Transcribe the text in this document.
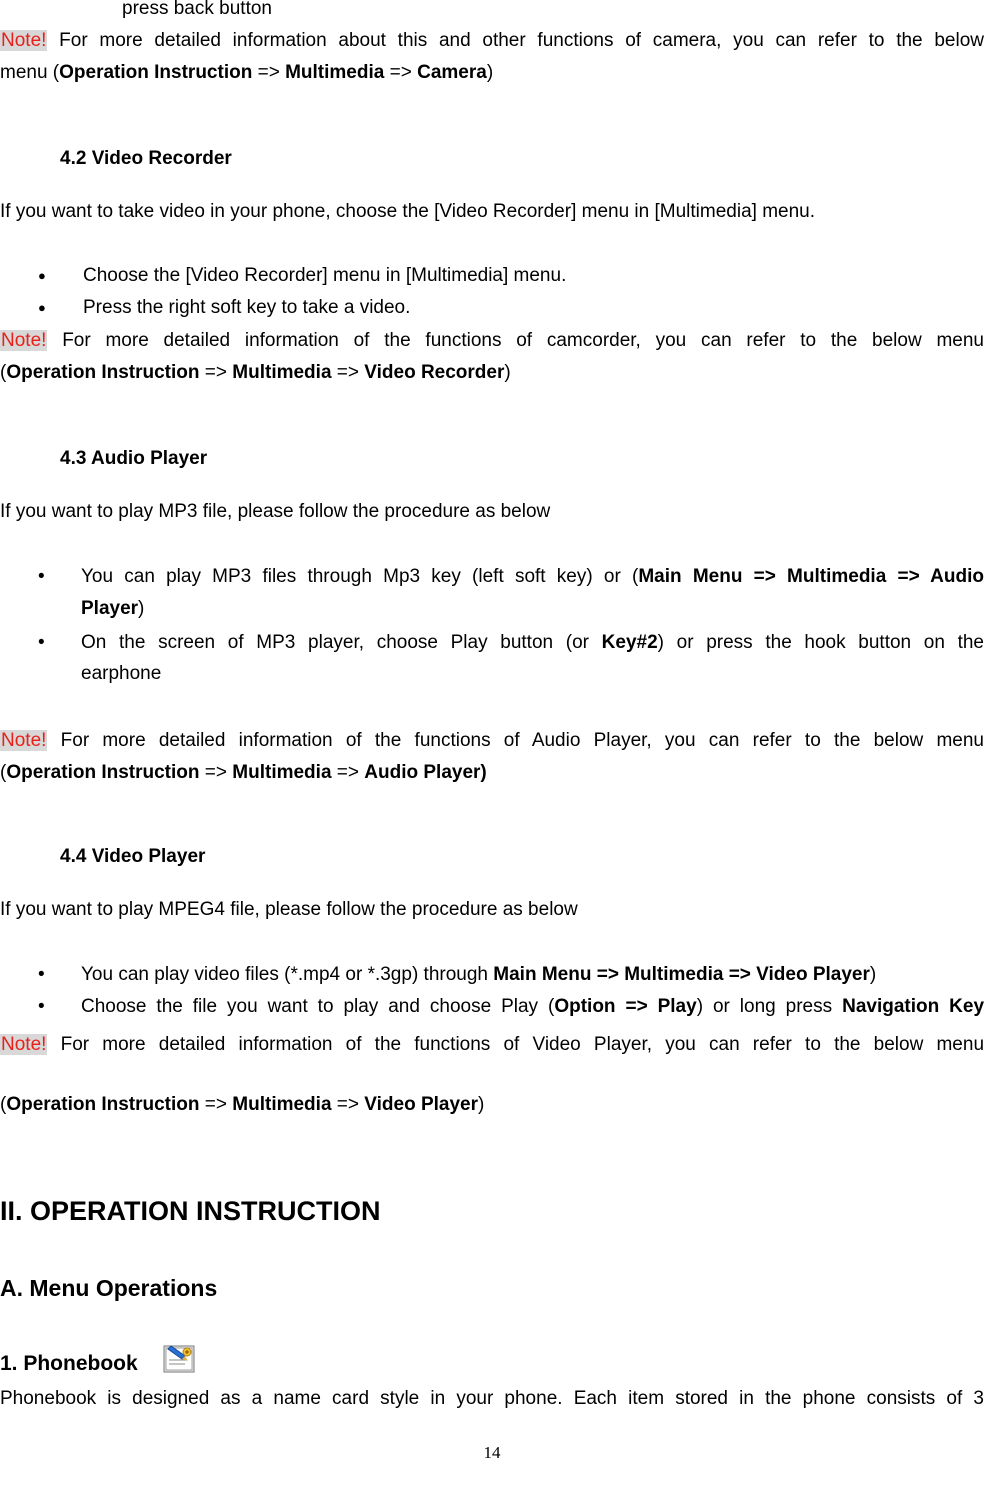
press back button
Note! For more detailed information about this and other functions of camera, you can refer to the below
menu (Operation Instruction => Multimedia => Camera)
4.2 Video Recorder
If you want to take video in your phone, choose the [Video Recorder] menu in [Multimedia] menu.
● Choose the [Video Recorder] menu in [Multimedia] menu.
● Press the right soft key to take a video.
Note! For more detailed information of the functions of camcorder, you can refer to the below menu
(Operation Instruction => Multimedia => Video Recorder)
4.3 Audio Player
If you want to play MP3 file, please follow the procedure as below
• You can play MP3 files through Mp3 key (left soft key) or (Main Menu => Multimedia => Audio
Player)
• On the screen of MP3 player, choose Play button (or Key#2) or press the hook button on the
earphone
Note! For more detailed information of the functions of Audio Player, you can refer to the below menu
(Operation Instruction => Multimedia => Audio Player)
4.4 Video Player
If you want to play MPEG4 file, please follow the procedure as below
• You can play video files (*.mp4 or *.3gp) through Main Menu => Multimedia => Video Player)
• Choose the file you want to play and choose Play (Option => Play) or long press Navigation Key
Note! For more detailed information of the functions of Video Player, you can refer to the below menu
(Operation Instruction => Multimedia => Video Player)
II. OPERATION INSTRUCTION
A. Menu Operations
1. Phonebook
Phonebook is designed as a name card style in your phone. Each item stored in the phone consists of 3
14
